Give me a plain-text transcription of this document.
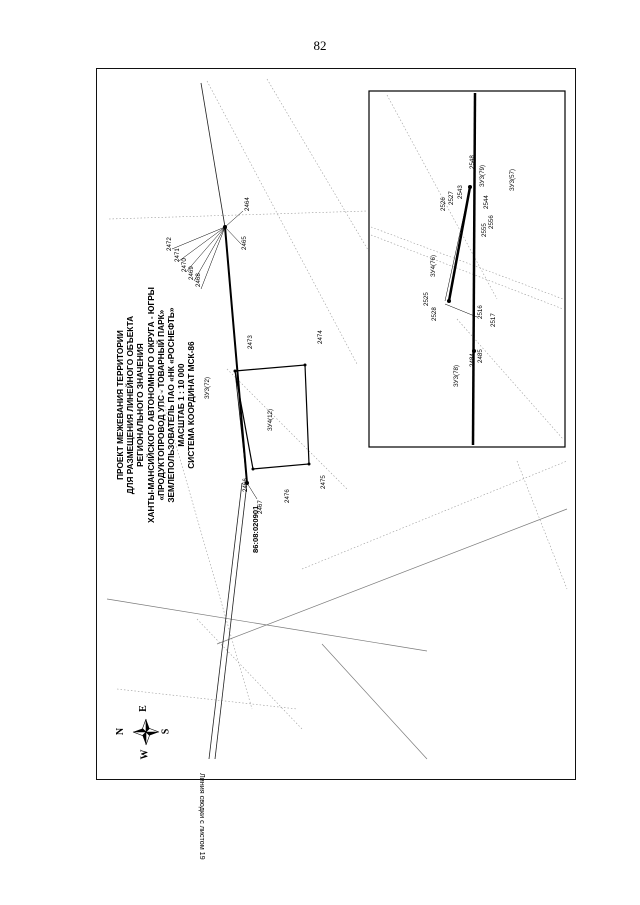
82
N
E
S
W
ПРОЕКТ МЕЖЕВАНИЯ ТЕРРИТОРИИ ДЛЯ РАЗМЕЩЕНИЯ ЛИНЕЙНОГО ОБЪЕКТА РЕГИОНАЛЬНОГО ЗНАЧЕНИЯ ХАНТЫ-МАНСИЙСКОГО АВТОНОМНОГО ОКРУГА - ЮГРЫ «ПРОДУКТОПРОВОД УПС - ТОВАРНЫЙ ПАРК» ЗЕМЛЕПОЛЬЗОВАТЕЛЬ ПАО «НК «РОСНЕФТЬ» МАСШТАБ 1 : 10 000 СИСТЕМА КООРДИНАТ МСК-86
86:08:020901
Линия сводки с листом 19
ЗУ3(72)
ЗУ4(12)
2464
2465
2466
2467
2468
2469
2470
2471
2472
2473	2474
2475
2476
ЗУ3(79)	ЗУ3(57)
ЗУ4(76)
ЗУ3(78)
2526 2527 2543
2548
2544
2555
2556
2525
2528	2516
2517
2484 2485
